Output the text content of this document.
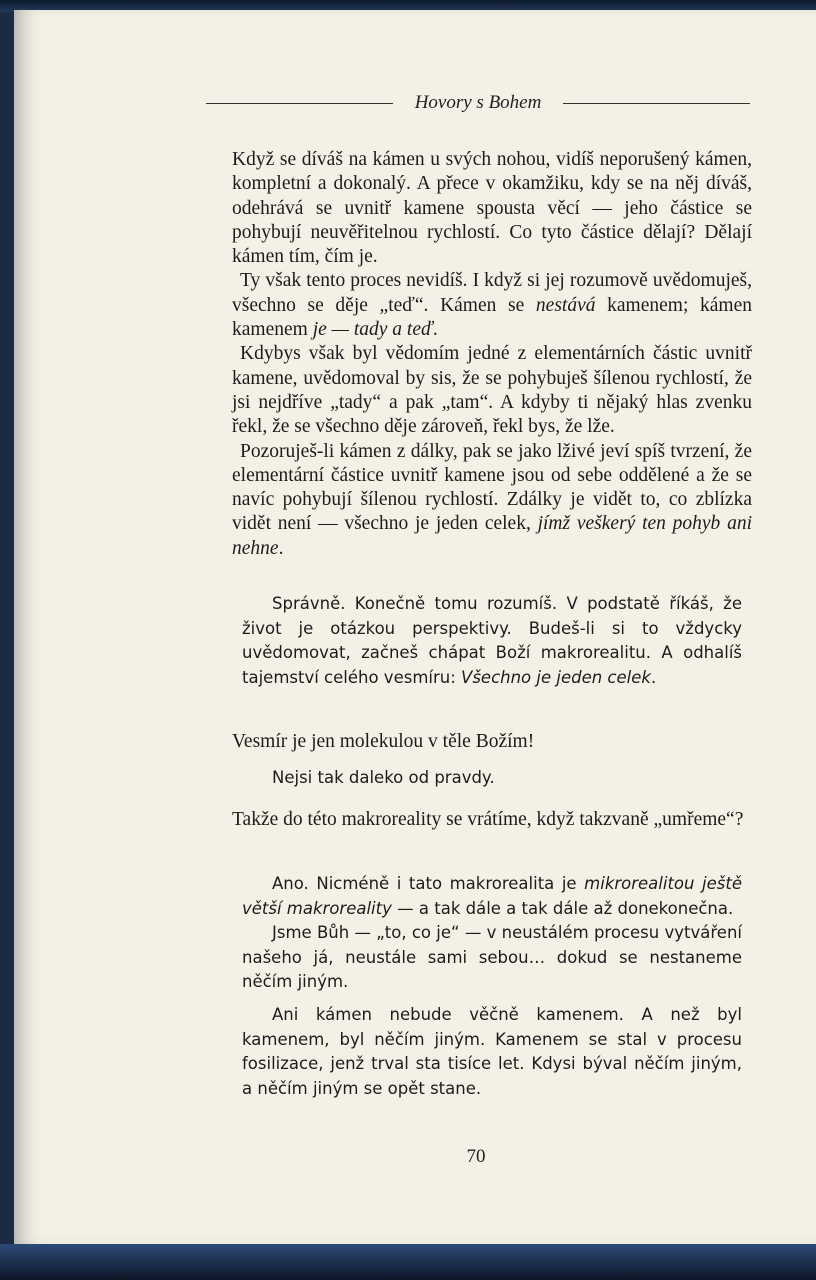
Hovory s Bohem

Když se díváš na kámen u svých nohou, vidíš neporušený kámen, kompletní a dokonalý. A přece v okamžiku, kdy se na něj díváš, odehrává se uvnitř kamene spousta věcí — jeho částice se pohybují neuvěřitelnou rychlostí. Co tyto částice dělají? Dělají kámen tím, čím je.

Ty však tento proces nevidíš. I když si jej rozumově uvědomuješ, všechno se děje „teď“. Kámen se nestává kamenem; kámen kamenem je — tady a teď.

Kdybys však byl vědomím jedné z elementárních částic uvnitř kamene, uvědomoval by sis, že se pohybuješ šílenou rychlostí, že jsi nejdříve „tady“ a pak „tam“. A kdyby ti nějaký hlas zvenku řekl, že se všechno děje zároveň, řekl bys, že lže.

Pozoruješ-li kámen z dálky, pak se jako lživé jeví spíš tvrzení, že elementární částice uvnitř kamene jsou od sebe oddělené a že se navíc pohybují šílenou rychlostí. Zdálky je vidět to, co zblízka vidět není — všechno je jeden celek, jímž veškerý ten pohyb ani nehne.

Správně. Konečně tomu rozumíš. V podstatě říkáš, že život je otázkou perspektivy. Budeš-li si to vždycky uvědomovat, začneš chápat Boží makrorealitu. A odhalíš tajemství celého vesmíru: Všechno je jeden celek.

Vesmír je jen molekulou v těle Božím!

Nejsi tak daleko od pravdy.

Takže do této makroreality se vrátíme, když takzvaně „umřeme“?

Ano. Nicméně i tato makrorealita je mikrorealitou ještě větší makroreality — a tak dále a tak dále až donekonečna.

Jsme Bůh — „to, co je“ — v neustálém procesu vytváření našeho já, neustále sami sebou… dokud se nestaneme něčím jiným.

Ani kámen nebude věčně kamenem. A než byl kamenem, byl něčím jiným. Kamenem se stal v procesu fosilizace, jenž trval sta tisíce let. Kdysi býval něčím jiným, a něčím jiným se opět stane.

70
